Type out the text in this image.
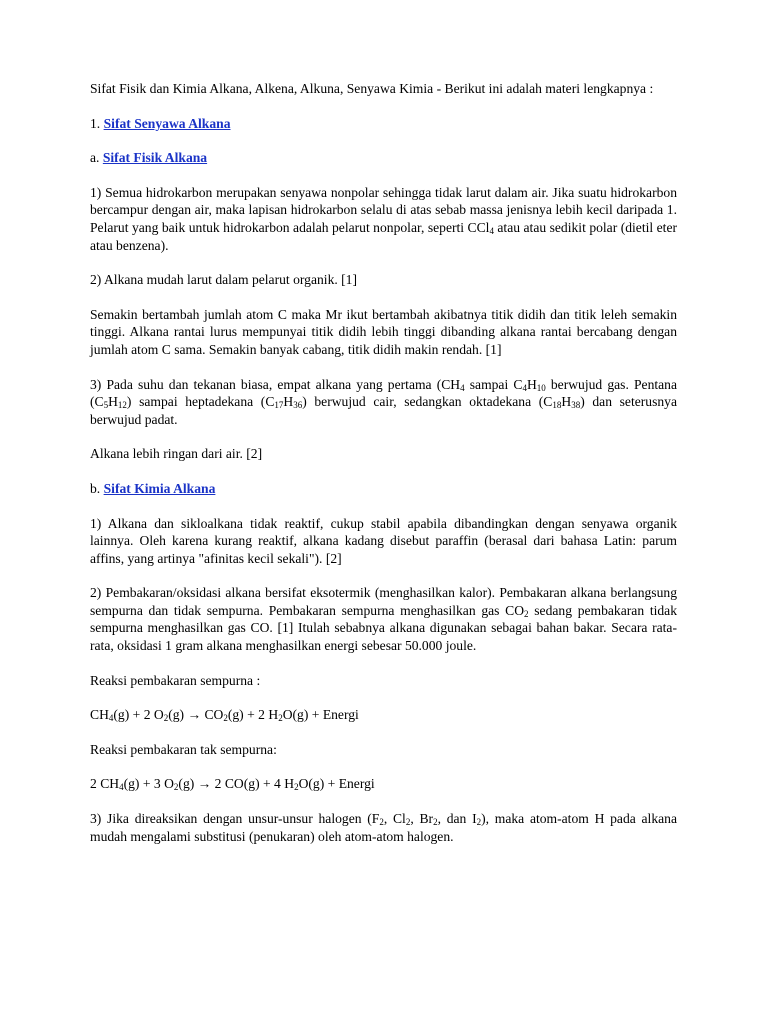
Sifat Fisik dan Kimia Alkana, Alkena, Alkuna, Senyawa Kimia - Berikut ini adalah materi lengkapnya :

1. Sifat Senyawa Alkana

a. Sifat Fisik Alkana

1) Semua hidrokarbon merupakan senyawa nonpolar sehingga tidak larut dalam air. Jika suatu hidrokarbon bercampur dengan air, maka lapisan hidrokarbon selalu di atas sebab massa jenisnya lebih kecil daripada 1. Pelarut yang baik untuk hidrokarbon adalah pelarut nonpolar, seperti CCl$_4$ atau atau sedikit polar (dietil eter atau benzena).

2) Alkana mudah larut dalam pelarut organik. [1]

Semakin bertambah jumlah atom C maka Mr ikut bertambah akibatnya titik didih dan titik leleh semakin tinggi. Alkana rantai lurus mempunyai titik didih lebih tinggi dibanding alkana rantai bercabang dengan jumlah atom C sama. Semakin banyak cabang, titik didih makin rendah. [1]

3) Pada suhu dan tekanan biasa, empat alkana yang pertama ($CH_4$ sampai $C_4H_{10}$ berwujud gas. Pentana $(C_5H_{12})$ sampai heptadekana $(C_{17}H_{36})$ berwujud cair, sedangkan oktadekana $(C_{18}H_{38})$ dan seterusnya berwujud padat.

Alkana lebih ringan dari air. [2]

b. Sifat Kimia Alkana

1) Alkana dan sikloalkana tidak reaktif, cukup stabil apabila dibandingkan dengan senyawa organik lainnya. Oleh karena kurang reaktif, alkana kadang disebut paraffin (berasal dari bahasa Latin: parum affins, yang artinya "afinitas kecil sekali"). [2]

2) Pembakaran/oksidasi alkana bersifat eksotermik (menghasilkan kalor). Pembakaran alkana berlangsung sempurna dan tidak sempurna. Pembakaran sempurna menghasilkan gas $CO_2$ sedang pembakaran tidak sempurna menghasilkan gas CO. [1] Itulah sebabnya alkana digunakan sebagai bahan bakar. Secara rata-rata, oksidasi 1 gram alkana menghasilkan energi sebesar 50.000 joule.

Reaksi pembakaran sempurna :

$CH_4(g) + 2$ $O_2(g) \to CO_2(g) + 2$ $H_2O(g)$ + Energi

Reaksi pembakaran tak sempurna:

2 $CH_4(g) + 3$ $O_2(g) \to 2$ CO(g) + 4 $H_2O(g)$ + Energi

3) Jika direaksikan dengan unsur-unsur halogen ($F_2$, $Cl_2$, $Br_2$, dan $I_2$), maka atom-atom H pada alkana mudah mengalami substitusi (penukaran) oleh atom-atom halogen.
